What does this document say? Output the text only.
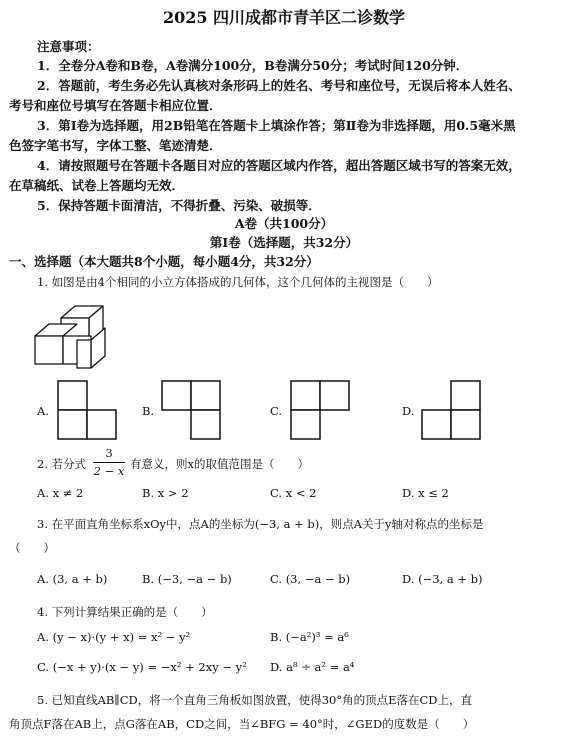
2025 四川成都市青羊区二诊数学
注意事项：
1．全卷分A卷和B卷，A卷满分100分，B卷满分50分；考试时间120分钟．
2．答题前，考生务必先认真核对条形码上的姓名、考号和座位号，无误后将本人姓名、
考号和座位号填写在答题卡相应位置．
3．第Ⅰ卷为选择题，用2B铅笔在答题卡上填涂作答；第Ⅱ卷为非选择题，用0.5毫米黑
色签字笔书写，字体工整、笔迹清楚．
4．请按照题号在答题卡各题目对应的答题区域内作答，超出答题区域书写的答案无效，
在草稿纸、试卷上答题均无效．
5．保持答题卡面清洁，不得折叠、污染、破损等．
A卷（共100分）
第Ⅰ卷（选择题，共32分）
一、选择题（本大题共8个小题，每小题4分，共32分）
1. 如图是由4个相同的小立方体搭成的几何体，这个几何体的主视图是（　　）
A.	B.	C.	D.
2. 若分式
3
2 − x 有意义，则x的取值范围是（　　）
A. x ≠ 2	B. x > 2	C. x < 2	D. x ≤ 2
3. 在平面直角坐标系xOy中，点A的坐标为(−3, a + b)，则点A关于y轴对称点的坐标是
（　　）
A. (3, a + b)	B. (−3, −a − b)	C. (3, −a − b)	D. (−3, a + b)
4. 下列计算结果正确的是（　　）
A. (y − x)·(y + x) = x² − y²	B. (−a²)³ = a⁶
C. (−x + y)·(x − y) = −x² + 2xy − y² D. a⁸ ÷ a² = a⁴
5. 已知直线AB∥CD，将一个直角三角板如图放置，使得30°角的顶点E落在CD上，直
角顶点F落在AB上，点G落在AB，CD之间，当∠BFG = 40°时，∠GED的度数是（　　）
